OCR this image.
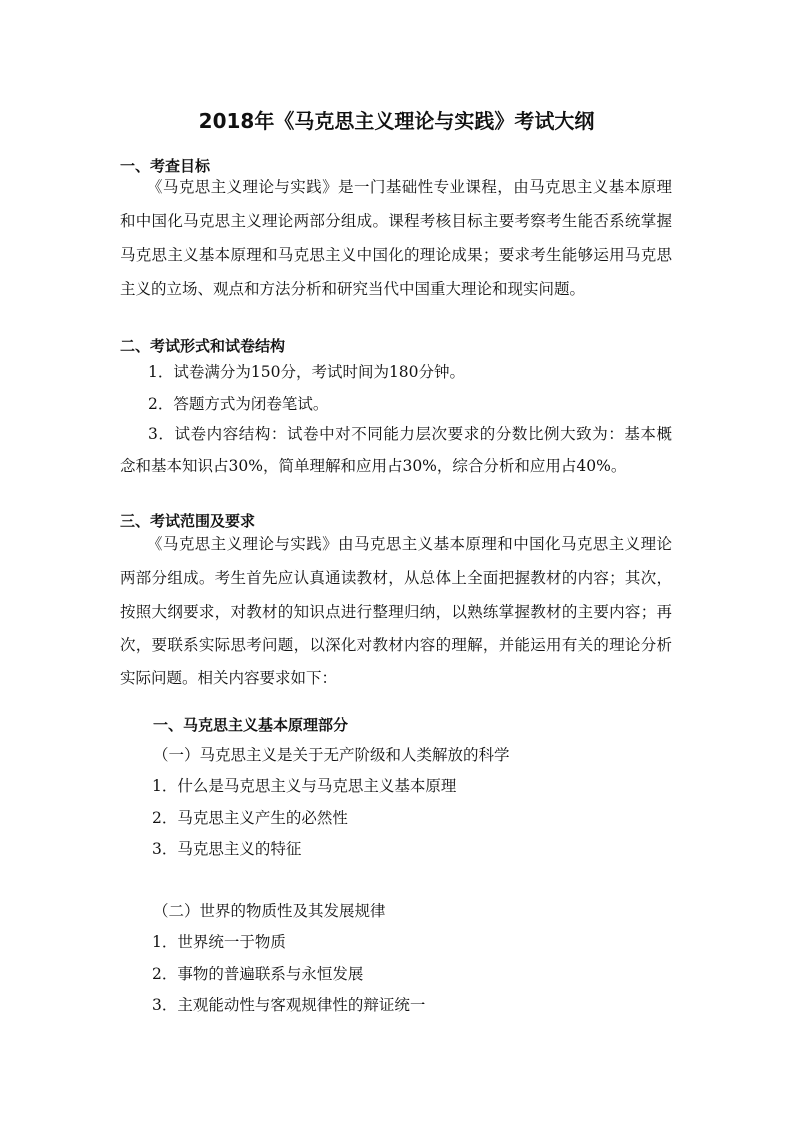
2018年《马克思主义理论与实践》考试大纲
一、考查目标
《马克思主义理论与实践》是一门基础性专业课程，由马克思主义基本原理
和中国化马克思主义理论两部分组成。课程考核目标主要考察考生能否系统掌握
马克思主义基本原理和马克思主义中国化的理论成果；要求考生能够运用马克思
主义的立场、观点和方法分析和研究当代中国重大理论和现实问题。
二、考试形式和试卷结构
1．试卷满分为150分，考试时间为180分钟。
2．答题方式为闭卷笔试。
3．试卷内容结构：试卷中对不同能力层次要求的分数比例大致为：基本概
念和基本知识占30%，简单理解和应用占30%，综合分析和应用占40%。
三、考试范围及要求
《马克思主义理论与实践》由马克思主义基本原理和中国化马克思主义理论
两部分组成。考生首先应认真通读教材，从总体上全面把握教材的内容；其次，
按照大纲要求，对教材的知识点进行整理归纳，以熟练掌握教材的主要内容；再
次，要联系实际思考问题，以深化对教材内容的理解，并能运用有关的理论分析
实际问题。相关内容要求如下：
一、马克思主义基本原理部分
（一）马克思主义是关于无产阶级和人类解放的科学
1．什么是马克思主义与马克思主义基本原理
2．马克思主义产生的必然性
3．马克思主义的特征
（二）世界的物质性及其发展规律
1．世界统一于物质
2．事物的普遍联系与永恒发展
3．主观能动性与客观规律性的辩证统一
